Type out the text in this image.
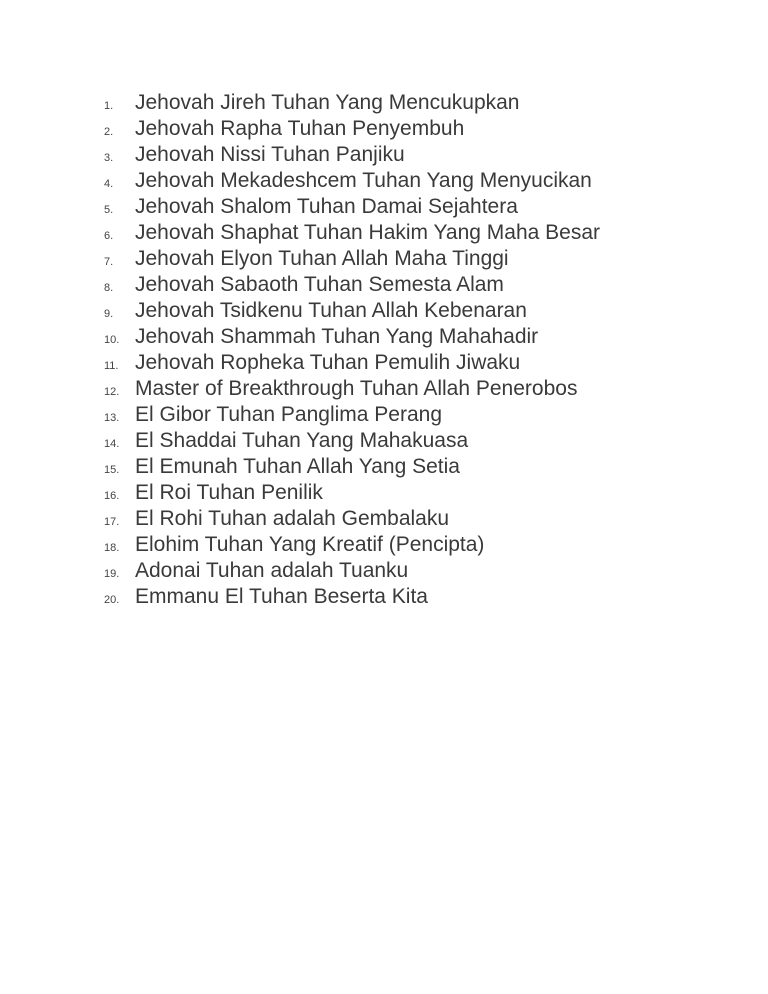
1.	Jehovah Jireh Tuhan Yang Mencukupkan
2.	Jehovah Rapha Tuhan Penyembuh
3.	Jehovah Nissi Tuhan Panjiku
4.	Jehovah Mekadeshcem Tuhan Yang Menyucikan
5.	Jehovah Shalom Tuhan Damai Sejahtera
6.	Jehovah Shaphat Tuhan Hakim Yang Maha Besar
7.	Jehovah Elyon Tuhan Allah Maha Tinggi
8.	Jehovah Sabaoth Tuhan Semesta Alam
9.	Jehovah Tsidkenu Tuhan Allah Kebenaran
10. Jehovah Shammah Tuhan Yang Mahahadir
11. Jehovah Ropheka Tuhan Pemulih Jiwaku
12. Master of Breakthrough Tuhan Allah Penerobos
13. El Gibor Tuhan Panglima Perang
14. El Shaddai Tuhan Yang Mahakuasa
15. El Emunah Tuhan Allah Yang Setia
16. El Roi Tuhan Penilik
17. El Rohi Tuhan adalah Gembalaku
18. Elohim Tuhan Yang Kreatif (Pencipta)
19. Adonai Tuhan adalah Tuanku
20. Emmanu El Tuhan Beserta Kita
